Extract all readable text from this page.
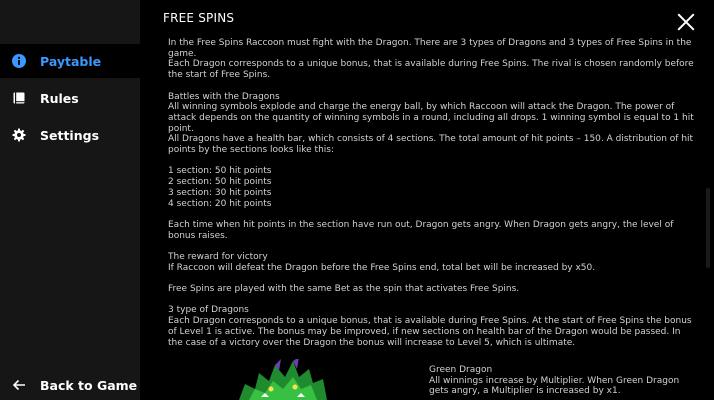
Paytable
Rules
Settings
Back to Game
FREE SPINS
In the Free Spins Raccoon must fight with the Dragon. There are 3 types of Dragons and 3 types of Free Spins in the game.
Each Dragon corresponds to a unique bonus, that is available during Free Spins. The rival is chosen randomly before the start of Free Spins.
Battles with the Dragons
All winning symbols explode and charge the energy ball, by which Raccoon will attack the Dragon. The power of attack depends on the quantity of winning symbols in a round, including all drops. 1 winning symbol is equal to 1 hit point.
All Dragons have a health bar, which consists of 4 sections. The total amount of hit points – 150. A distribution of hit points by the sections looks like this:
1 section: 50 hit points
2 section: 50 hit points
3 section: 30 hit points
4 section: 20 hit points
Each time when hit points in the section have run out, Dragon gets angry. When Dragon gets angry, the level of bonus raises.
The reward for victory
If Raccoon will defeat the Dragon before the Free Spins end, total bet will be increased by x50.
Free Spins are played with the same Bet as the spin that activates Free Spins.
3 type of Dragons
Each Dragon corresponds to a unique bonus, that is available during Free Spins. At the start of Free Spins the bonus of Level 1 is active. The bonus may be improved, if new sections on health bar of the Dragon would be passed. In the case of a victory over the Dragon the bonus will increase to Level 5, which is ultimate.
Green Dragon
All winnings increase by Multiplier. When Green Dragon
gets angry, a Multiplier is increased by x1.
